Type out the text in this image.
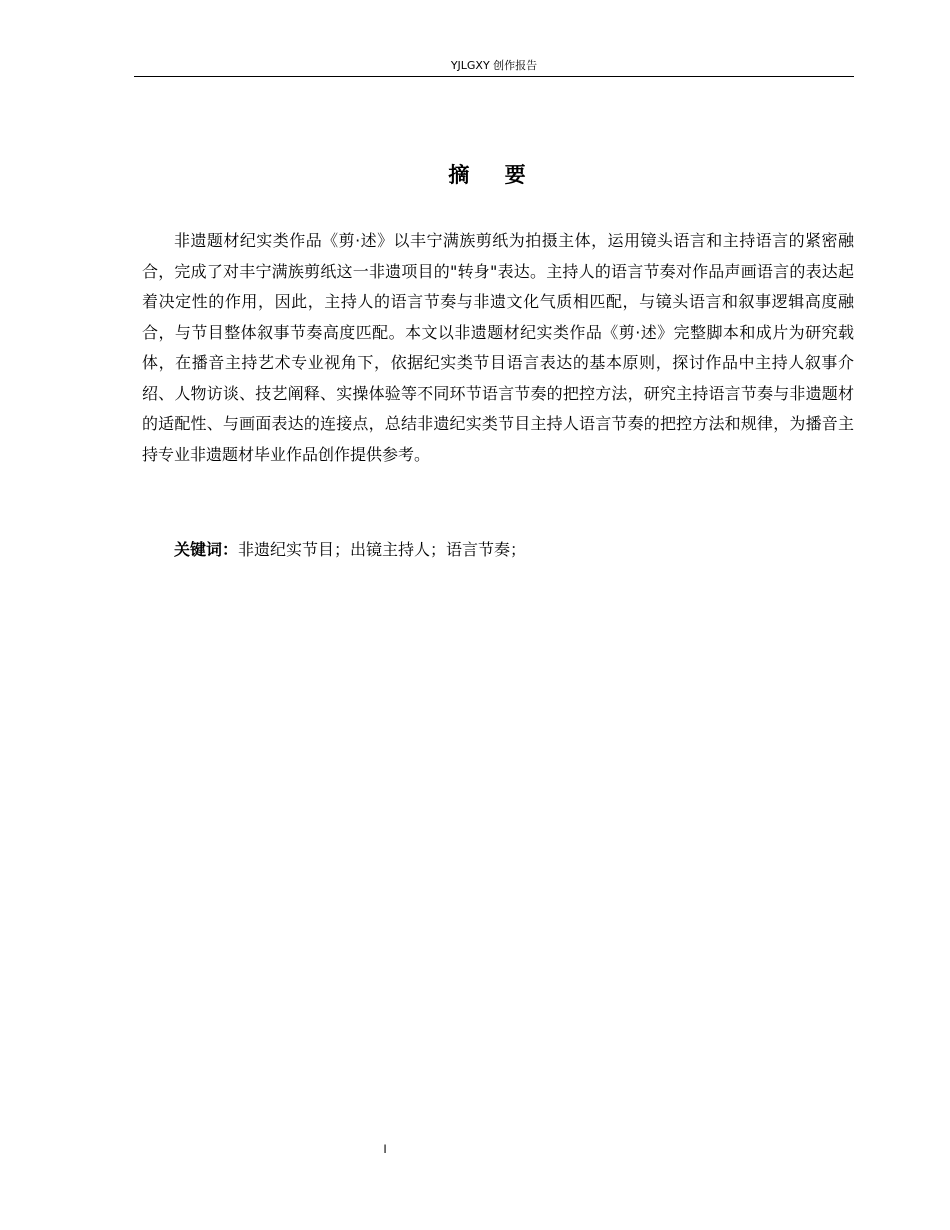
YJLGXY 创作报告
摘 要

非遗题材纪实类作品《剪·述》以丰宁满族剪纸为拍摄主体，运用镜头语言和主持语言的紧密融合，完成了对丰宁满族剪纸这一非遗项目的"转身"表达。主持人的语言节奏对作品声画语言的表达起着决定性的作用，因此，主持人的语言节奏与非遗文化气质相匹配，与镜头语言和叙事逻辑高度融合，与节目整体叙事节奏高度匹配。本文以非遗题材纪实类作品《剪·述》完整脚本和成片为研究载体，在播音主持艺术专业视角下，依据纪实类节目语言表达的基本原则，探讨作品中主持人叙事介绍、人物访谈、技艺阐释、实操体验等不同环节语言节奏的把控方法，研究主持语言节奏与非遗题材的适配性、与画面表达的连接点，总结非遗纪实类节目主持人语言节奏的把控方法和规律，为播音主持专业非遗题材毕业作品创作提供参考。

关键词：非遗纪实节目；出镜主持人；语言节奏；

I
